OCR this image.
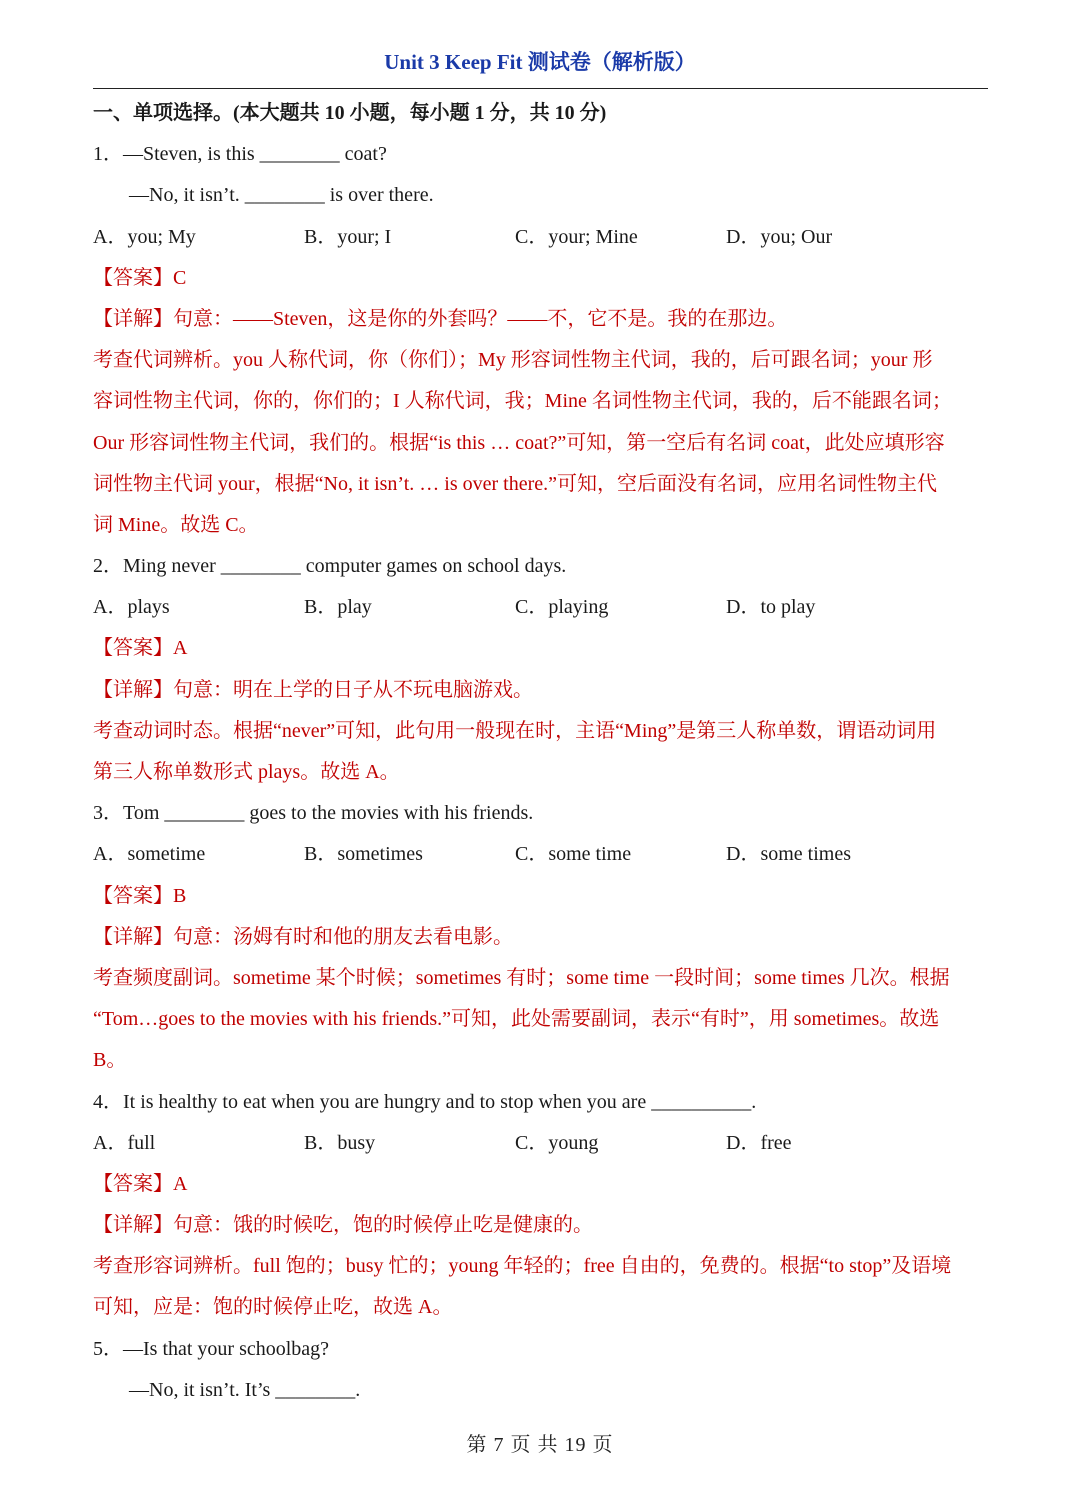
Unit 3 Keep Fit 测试卷（解析版）
一、单项选择。(本大题共 10 小题，每小题 1 分，共 10 分)
1．—Steven, is this ________ coat?
—No, it isn’t. ________ is over there.
A．you; My	B．your; I	C．your; Mine	D．you; Our
【答案】C
【详解】句意：——Steven，这是你的外套吗？——不，它不是。我的在那边。
考查代词辨析。you 人称代词，你（你们）；My 形容词性物主代词，我的，后可跟名词；your 形
容词性物主代词，你的，你们的；I 人称代词，我；Mine 名词性物主代词，我的，后不能跟名词；
Our 形容词性物主代词，我们的。根据“is this … coat?”可知，第一空后有名词 coat，此处应填形容
词性物主代词 your，根据“No, it isn’t. … is over there.”可知，空后面没有名词，应用名词性物主代
词 Mine。故选 C。
2．Ming never ________ computer games on school days.
A．plays	B．play	C．playing	D．to play
【答案】A
【详解】句意：明在上学的日子从不玩电脑游戏。
考查动词时态。根据“never”可知，此句用一般现在时，主语“Ming”是第三人称单数，谓语动词用
第三人称单数形式 plays。故选 A。
3．Tom ________ goes to the movies with his friends.
A．sometime	B．sometimes	C．some time	D．some times
【答案】B
【详解】句意：汤姆有时和他的朋友去看电影。
考查频度副词。sometime 某个时候；sometimes 有时；some time 一段时间；some times 几次。根据
“Tom…goes to the movies with his friends.”可知，此处需要副词，表示“有时”，用 sometimes。故选
B。
4．It is healthy to eat when you are hungry and to stop when you are __________.
A．full	B．busy	C．young	D．free
【答案】A
【详解】句意：饿的时候吃，饱的时候停止吃是健康的。
考查形容词辨析。full 饱的；busy 忙的；young 年轻的；free 自由的，免费的。根据“to stop”及语境
可知，应是：饱的时候停止吃，故选 A。
5．—Is that your schoolbag?
—No, it isn’t. It’s ________.
第 7 页 共 19 页
